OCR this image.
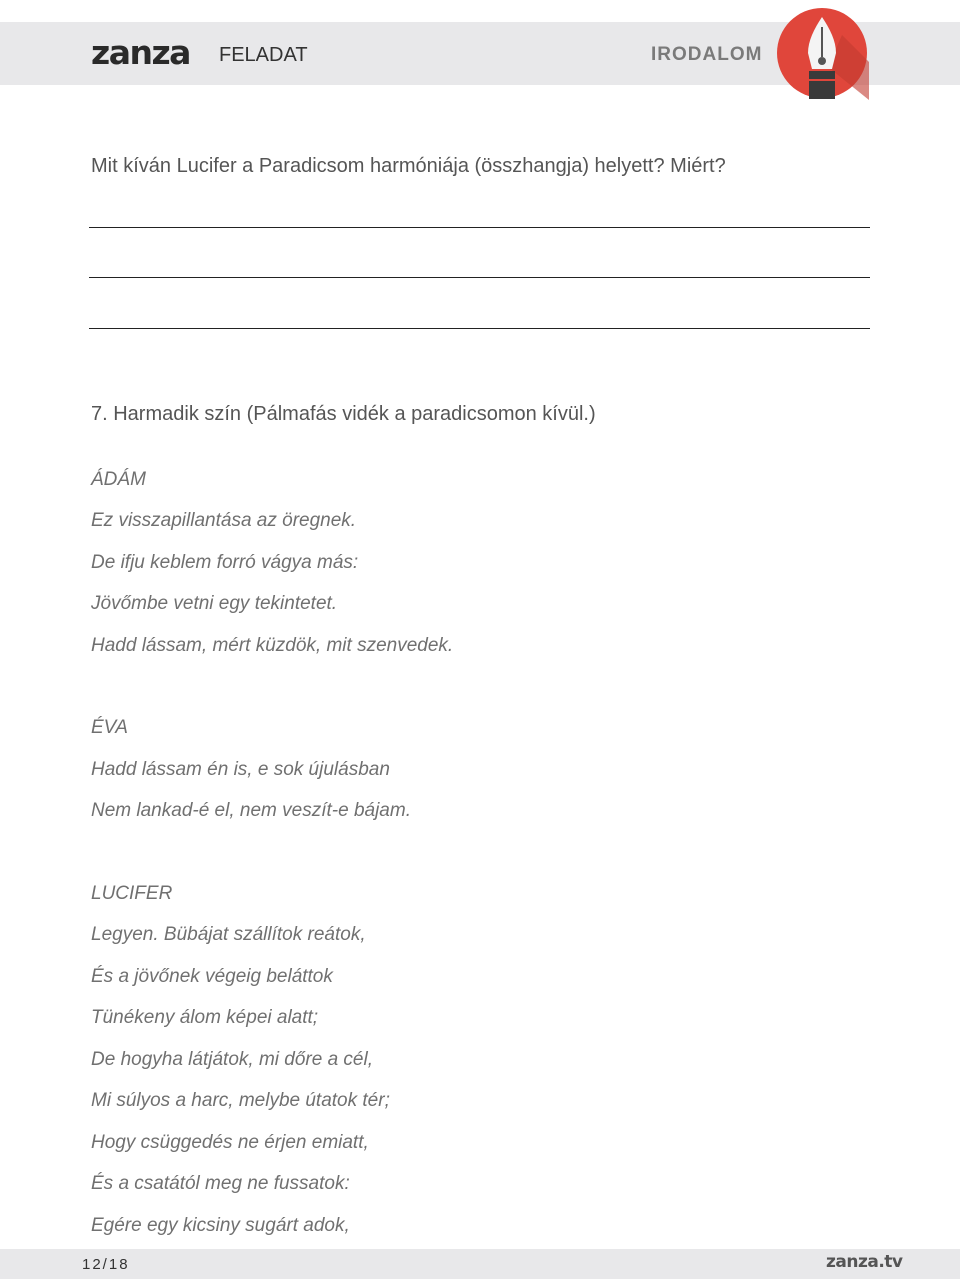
zanza FELADAT	IRODALOM
Mit kíván Lucifer a Paradicsom harmóniája (összhangja) helyett? Miért?
7. Harmadik szín (Pálmafás vidék a paradicsomon kívül.)
ÁDÁM
Ez visszapillantása az öregnek.
De ifju keblem forró vágya más:
Jövőmbe vetni egy tekintetet.
Hadd lássam, mért küzdök, mit szenvedek.
ÉVA
Hadd lássam én is, e sok újulásban
Nem lankad-é el, nem veszít-e bájam.
LUCIFER
Legyen. Bübájat szállítok reátok,
És a jövőnek végeig beláttok
Tünékeny álom képei alatt;
De hogyha látjátok, mi dőre a cél,
Mi súlyos a harc, melybe útatok tér;
Hogy csüggedés ne érjen emiatt,
És a csatától meg ne fussatok:
Egére egy kicsiny sugárt adok,
12/18	zanza.tv
